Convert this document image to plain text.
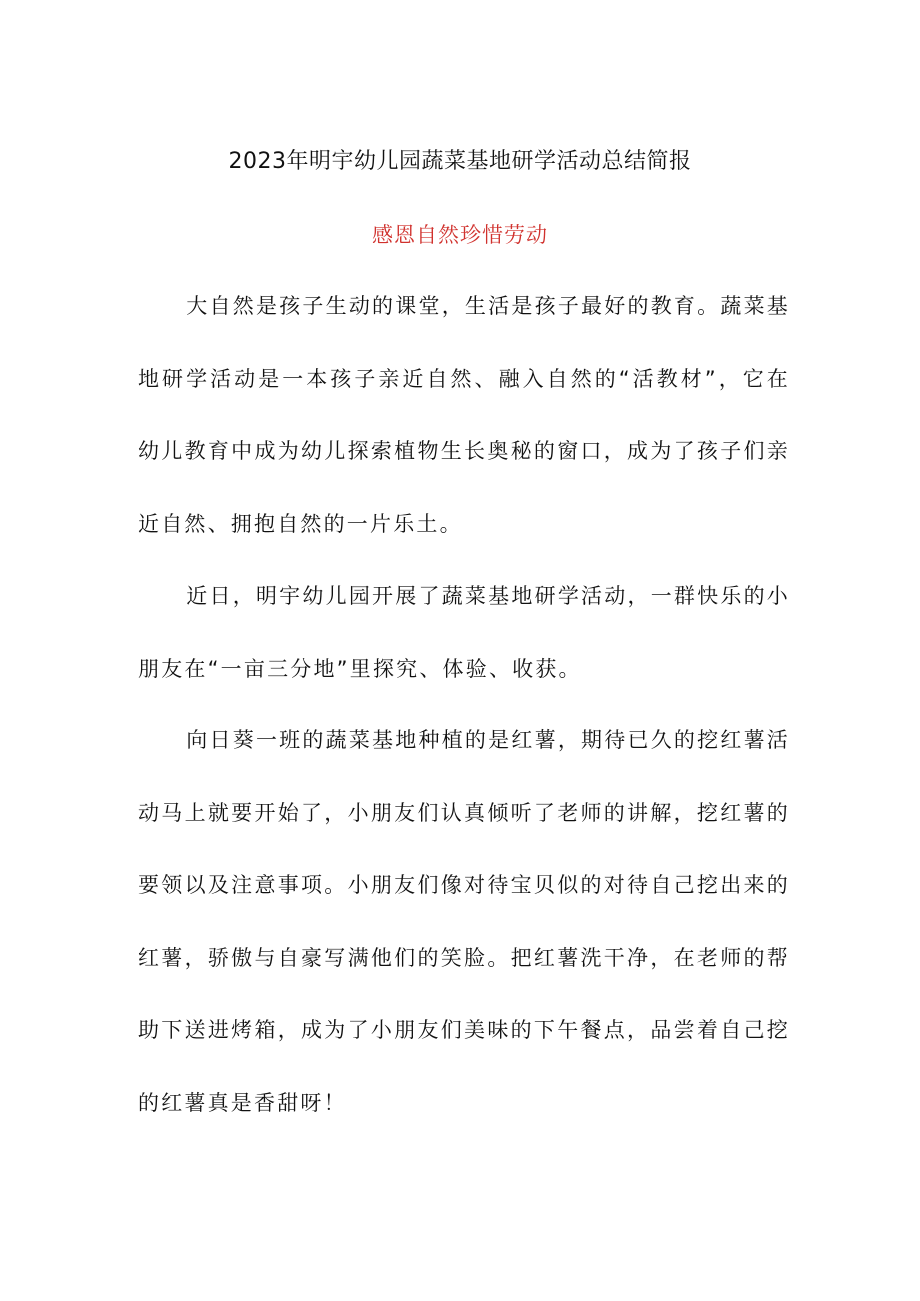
2023年明宇幼儿园蔬菜基地研学活动总结简报
感恩自然珍惜劳动

大自然是孩子生动的课堂，生活是孩子最好的教育。蔬菜基地研学活动是一本孩子亲近自然、融入自然的“活教材”，它在幼儿教育中成为幼儿探索植物生长奥秘的窗口，成为了孩子们亲近自然、拥抱自然的一片乐土。

近日，明宇幼儿园开展了蔬菜基地研学活动，一群快乐的小朋友在“一亩三分地”里探究、体验、收获。

向日葵一班的蔬菜基地种植的是红薯，期待已久的挖红薯活动马上就要开始了，小朋友们认真倾听了老师的讲解，挖红薯的要领以及注意事项。小朋友们像对待宝贝似的对待自己挖出来的红薯，骄傲与自豪写满他们的笑脸。把红薯洗干净，在老师的帮助下送进烤箱，成为了小朋友们美味的下午餐点，品尝着自己挖的红薯真是香甜呀！
